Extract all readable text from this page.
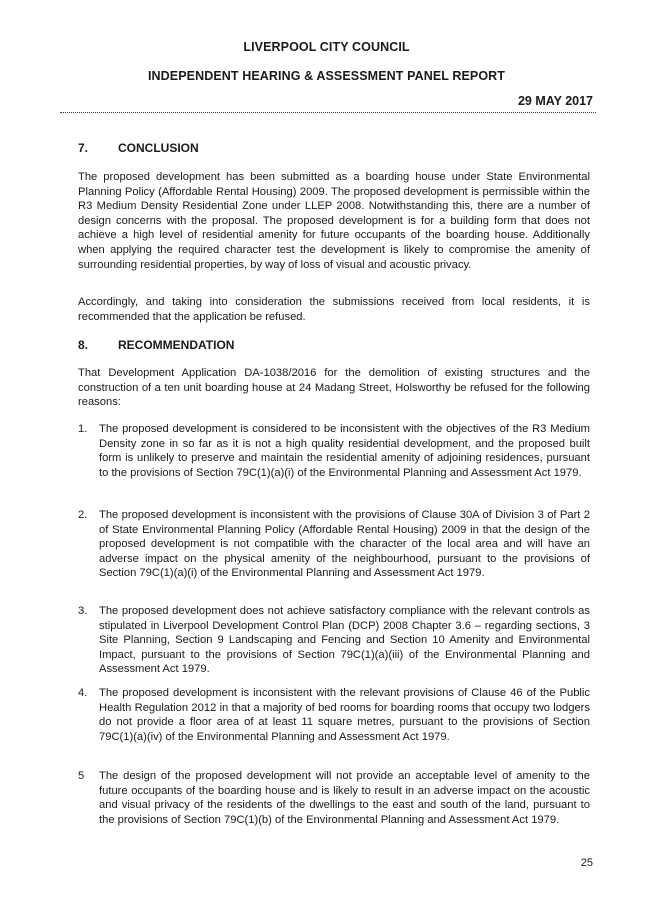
LIVERPOOL CITY COUNCIL
INDEPENDENT HEARING & ASSESSMENT PANEL REPORT
29 MAY 2017
7. CONCLUSION
The proposed development has been submitted as a boarding house under State Environmental Planning Policy (Affordable Rental Housing) 2009. The proposed development is permissible within the R3 Medium Density Residential Zone under LLEP 2008. Notwithstanding this, there are a number of design concerns with the proposal. The proposed development is for a building form that does not achieve a high level of residential amenity for future occupants of the boarding house. Additionally when applying the required character test the development is likely to compromise the amenity of surrounding residential properties, by way of loss of visual and acoustic privacy.
Accordingly, and taking into consideration the submissions received from local residents, it is recommended that the application be refused.
8. RECOMMENDATION
That Development Application DA-1038/2016 for the demolition of existing structures and the construction of a ten unit boarding house at 24 Madang Street, Holsworthy be refused for the following reasons:
1. The proposed development is considered to be inconsistent with the objectives of the R3 Medium Density zone in so far as it is not a high quality residential development, and the proposed built form is unlikely to preserve and maintain the residential amenity of adjoining residences, pursuant to the provisions of Section 79C(1)(a)(i) of the Environmental Planning and Assessment Act 1979.
2. The proposed development is inconsistent with the provisions of Clause 30A of Division 3 of Part 2 of State Environmental Planning Policy (Affordable Rental Housing) 2009 in that the design of the proposed development is not compatible with the character of the local area and will have an adverse impact on the physical amenity of the neighbourhood, pursuant to the provisions of Section 79C(1)(a)(i) of the Environmental Planning and Assessment Act 1979.
3. The proposed development does not achieve satisfactory compliance with the relevant controls as stipulated in Liverpool Development Control Plan (DCP) 2008 Chapter 3.6 – regarding sections, 3 Site Planning, Section 9 Landscaping and Fencing and Section 10 Amenity and Environmental Impact, pursuant to the provisions of Section 79C(1)(a)(iii) of the Environmental Planning and Assessment Act 1979.
4. The proposed development is inconsistent with the relevant provisions of Clause 46 of the Public Health Regulation 2012 in that a majority of bed rooms for boarding rooms that occupy two lodgers do not provide a floor area of at least 11 square metres, pursuant to the provisions of Section 79C(1)(a)(iv) of the Environmental Planning and Assessment Act 1979.
5 The design of the proposed development will not provide an acceptable level of amenity to the future occupants of the boarding house and is likely to result in an adverse impact on the acoustic and visual privacy of the residents of the dwellings to the east and south of the land, pursuant to the provisions of Section 79C(1)(b) of the Environmental Planning and Assessment Act 1979.
25
